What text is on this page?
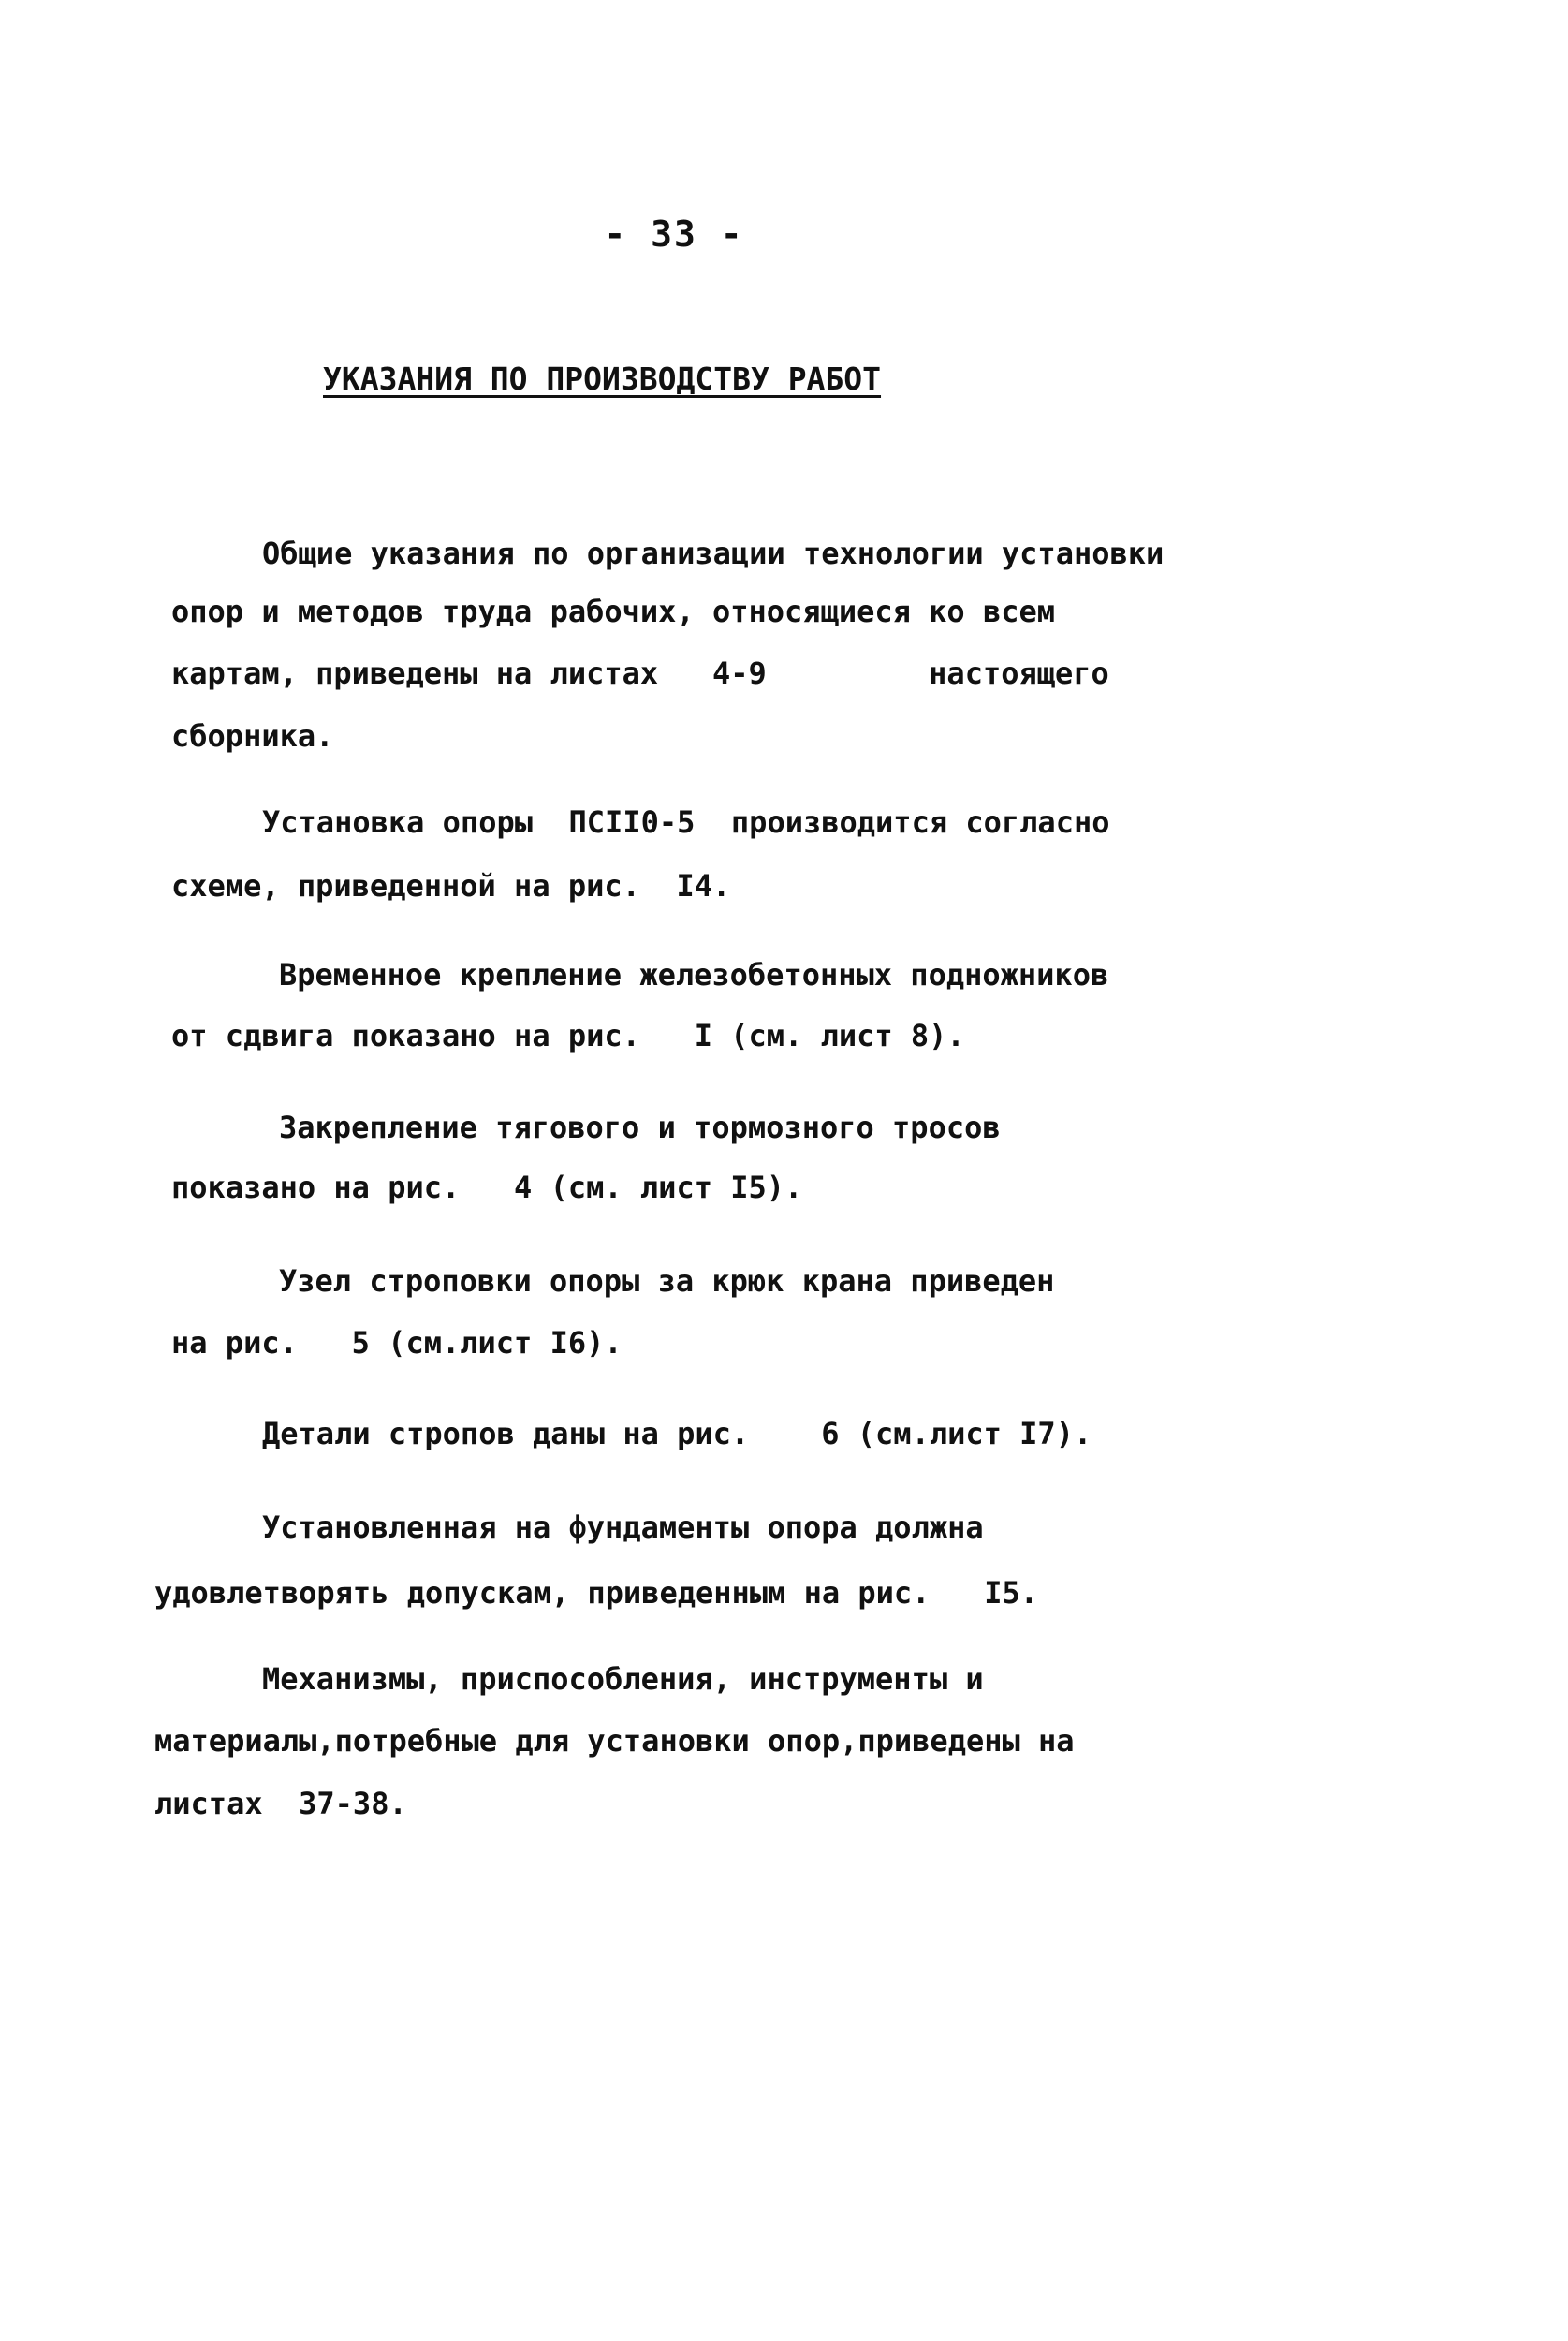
- 33 -
УКАЗАНИЯ ПО ПРОИЗВОДСТВУ РАБОТ
Общие указания по организации технологии установки
опор и методов труда рабочих, относящиеся ко всем
картам, приведены на листах   4-9         настоящего
сборника.
Установка опоры  ПСII0-5  производится согласно
схеме, приведенной на рис.  I4.
Временное крепление железобетонных подножников
от сдвига показано на рис.   I (см. лист 8).
Закрепление тягового и тормозного тросов
показано на рис.   4 (см. лист I5).
Узел строповки опоры за крюк крана приведен
на рис.   5 (см.лист I6).
Детали стропов даны на рис.    6 (см.лист I7).
Установленная на фундаменты опора должна
удовлетворять допускам, приведенным на рис.   I5.
Механизмы, приспособления, инструменты и
материалы,потребные для установки опор,приведены на
листах  37-38.
